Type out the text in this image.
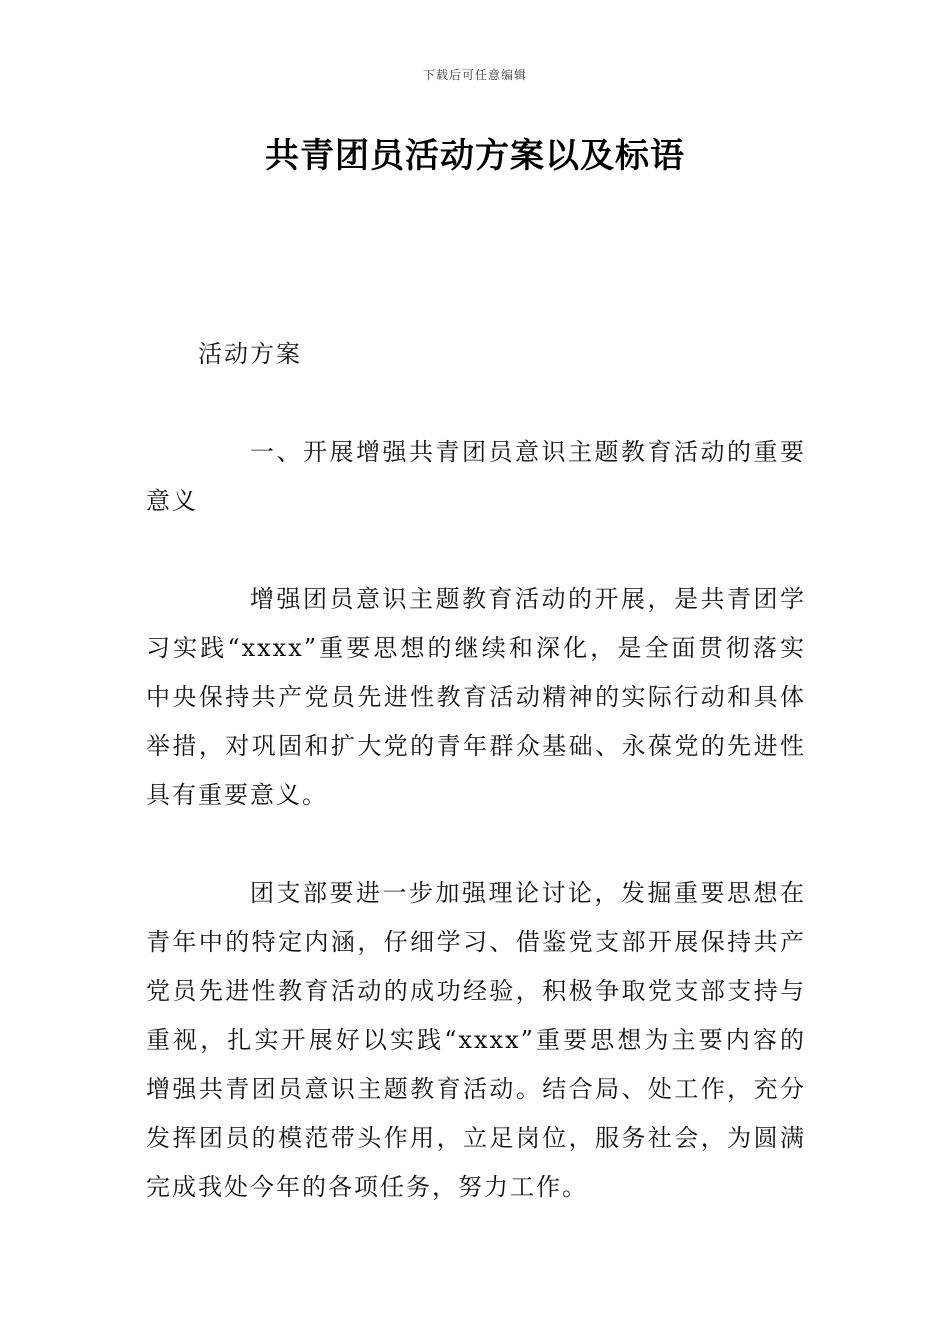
下载后可任意编辑
共青团员活动方案以及标语

活动方案

一、开展增强共青团员意识主题教育活动的重要意义

增强团员意识主题教育活动的开展，是共青团学习实践“xxxx”重要思想的继续和深化，是全面贯彻落实中央保持共产党员先进性教育活动精神的实际行动和具体举措，对巩固和扩大党的青年群众基础、永葆党的先进性具有重要意义。

团支部要进一步加强理论讨论，发掘重要思想在青年中的特定内涵，仔细学习、借鉴党支部开展保持共产党员先进性教育活动的成功经验，积极争取党支部支持与重视，扎实开展好以实践“xxxx”重要思想为主要内容的增强共青团员意识主题教育活动。结合局、处工作，充分发挥团员的模范带头作用，立足岗位，服务社会，为圆满完成我处今年的各项任务，努力工作。
